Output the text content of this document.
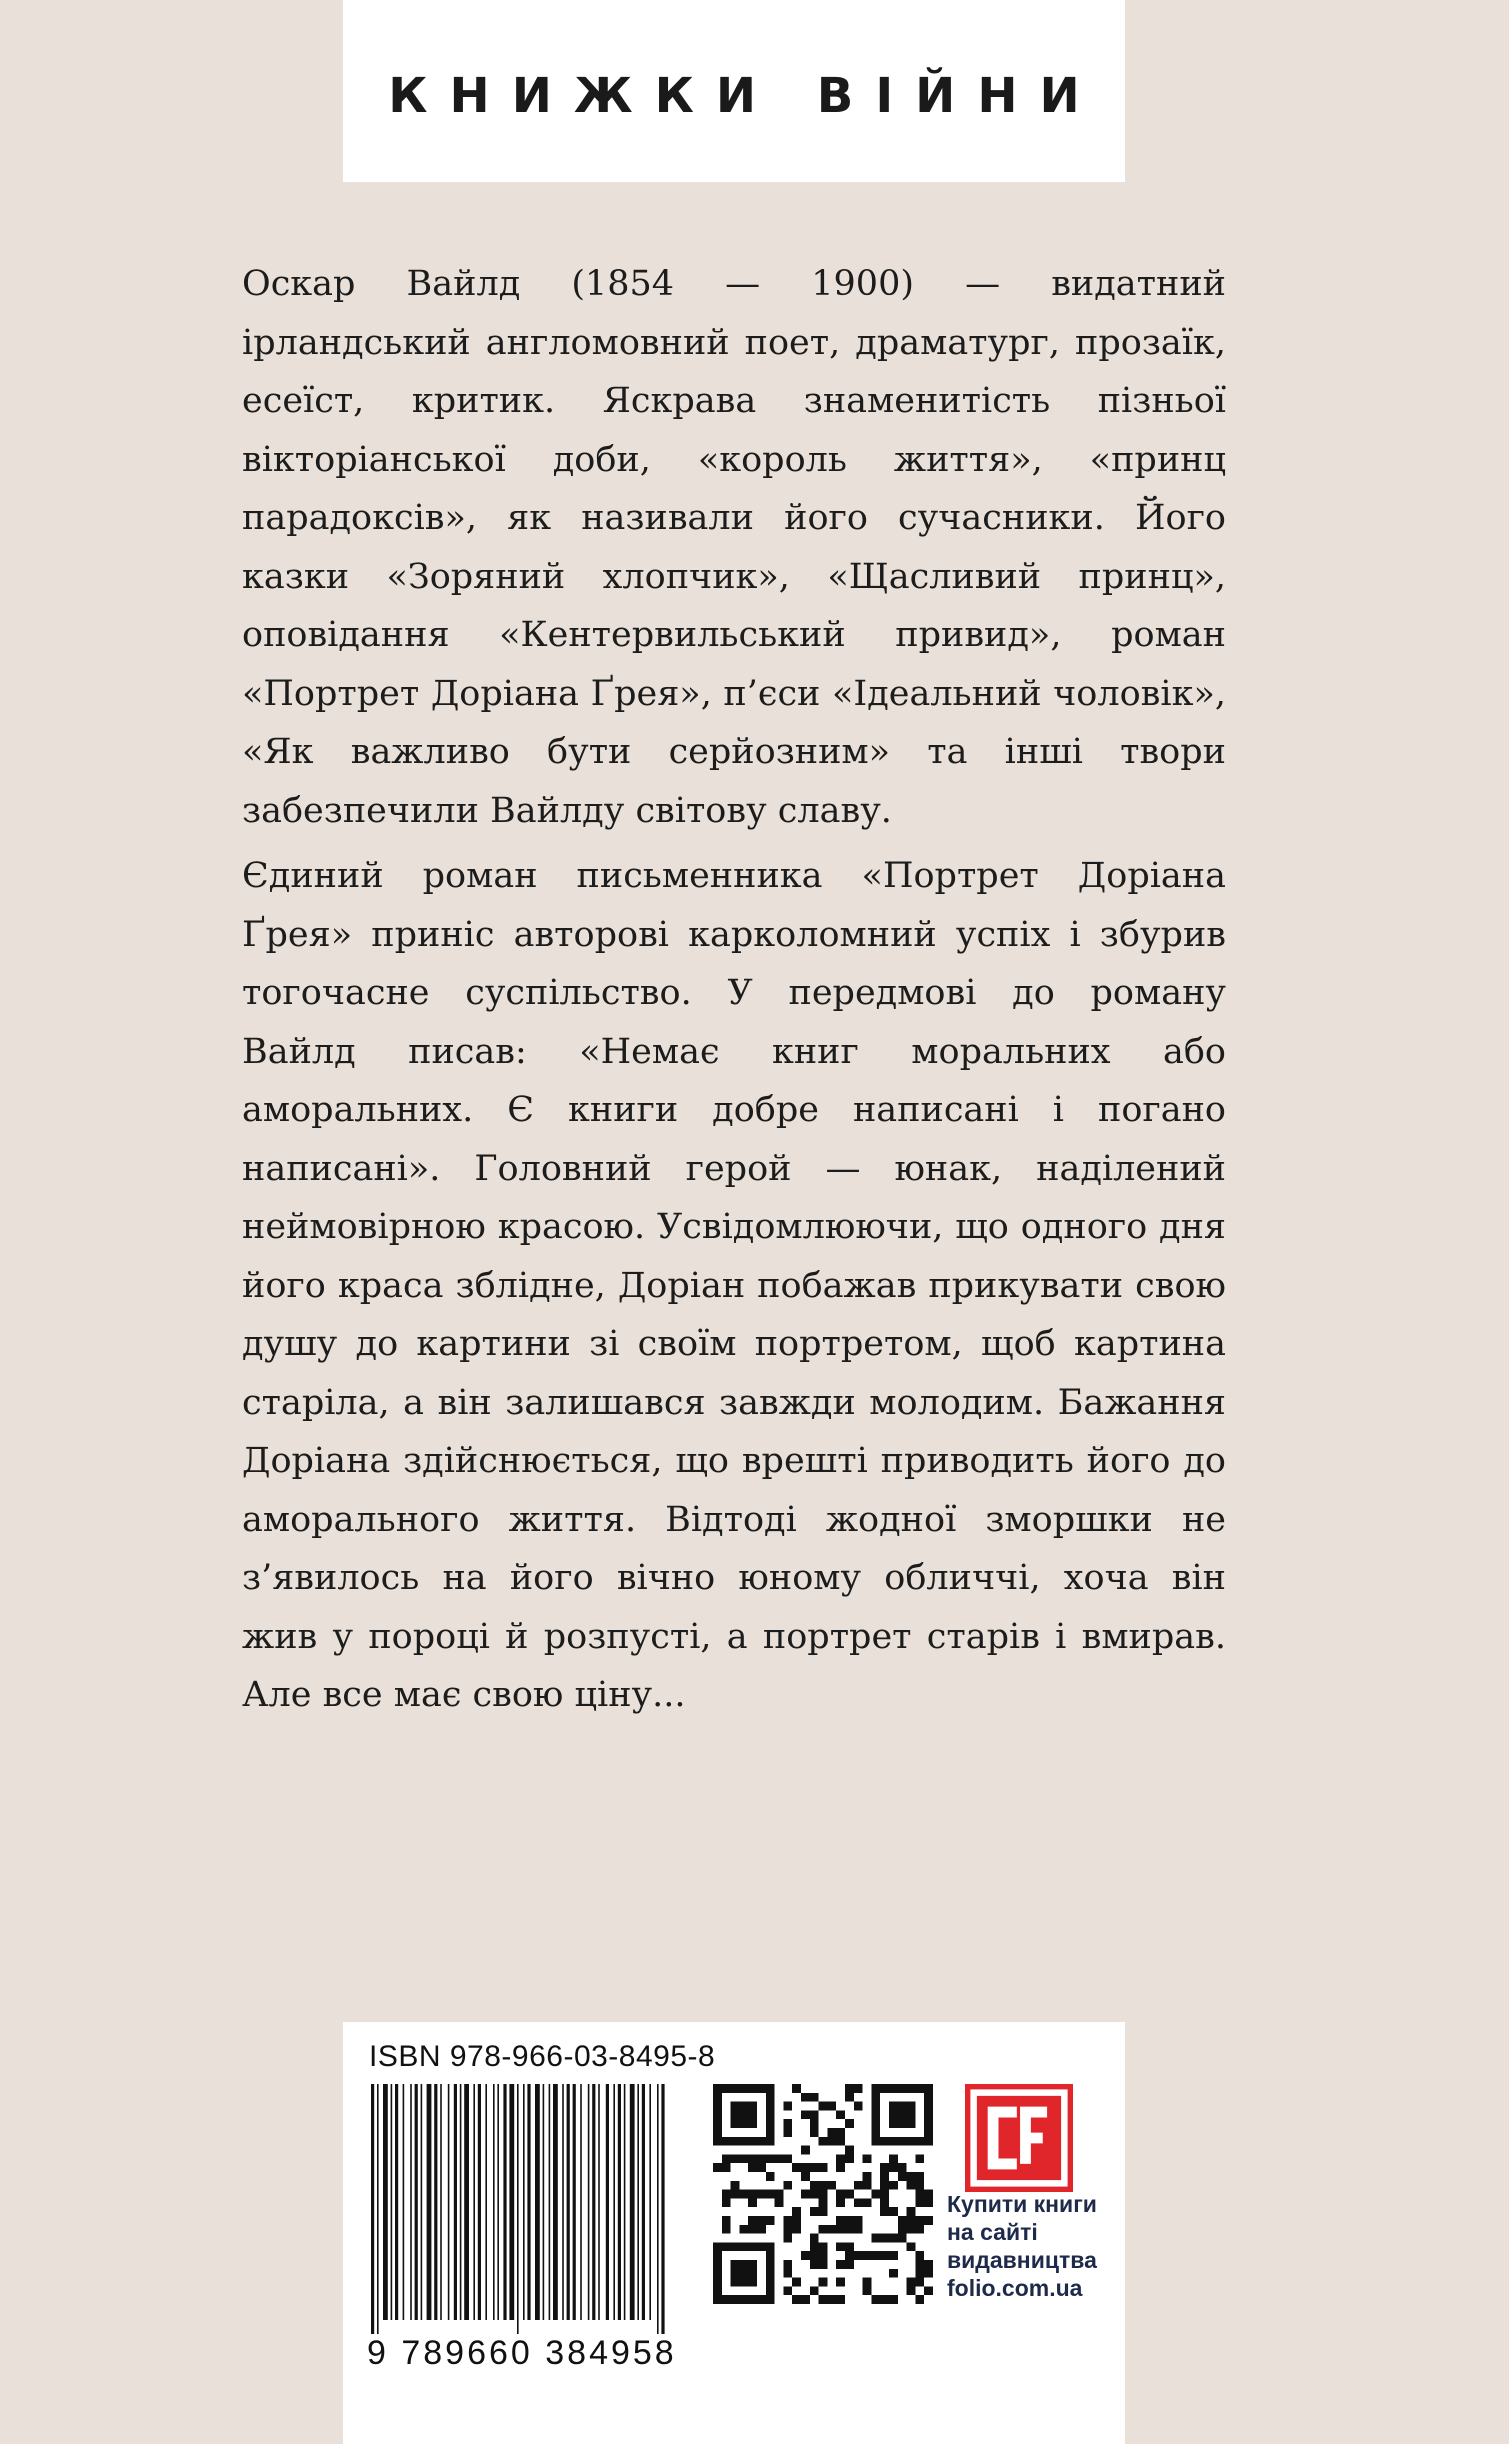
КНИЖКИ ВІЙНИ

Оскар Вайлд (1854 — 1900) — видатний ірландський англомовний поет, драматург, прозаїк, есеїст, критик. Яскрава знаменитість пізньої вікторіанської доби, «король життя», «принц парадоксів», як називали його сучасники. Його казки «Зоряний хлопчик», «Щасливий принц», оповідання «Кентервильський привид», роман «Портрет Доріана Ґрея», п’єси «Ідеальний чоловік», «Як важливо бути серйозним» та інші твори забезпечили Вайлду світову славу.

Єдиний роман письменника «Портрет Доріана Ґрея» приніс авторові карколомний успіх і збурив тогочасне суспільство. У передмові до роману Вайлд писав: «Немає книг моральних або аморальних. Є книги добре написані і погано написані». Головний герой — юнак, наділений неймовірною красою. Усвідомлюючи, що одного дня його краса зблідне, Доріан побажав прикувати свою душу до картини зі своїм портретом, щоб картина старіла, а він залишався завжди молодим. Бажання Доріана здійснюється, що врешті приводить його до аморального життя. Відтоді жодної зморшки не з’явилось на його вічно юному обличчі, хоча він жив у пороці й розпусті, а портрет старів і вмирав. Але все має свою ціну...

ISBN 978-966-03-8495-8
9 789660 384958
Купити книги
на сайті
видавництва
folio.com.ua
